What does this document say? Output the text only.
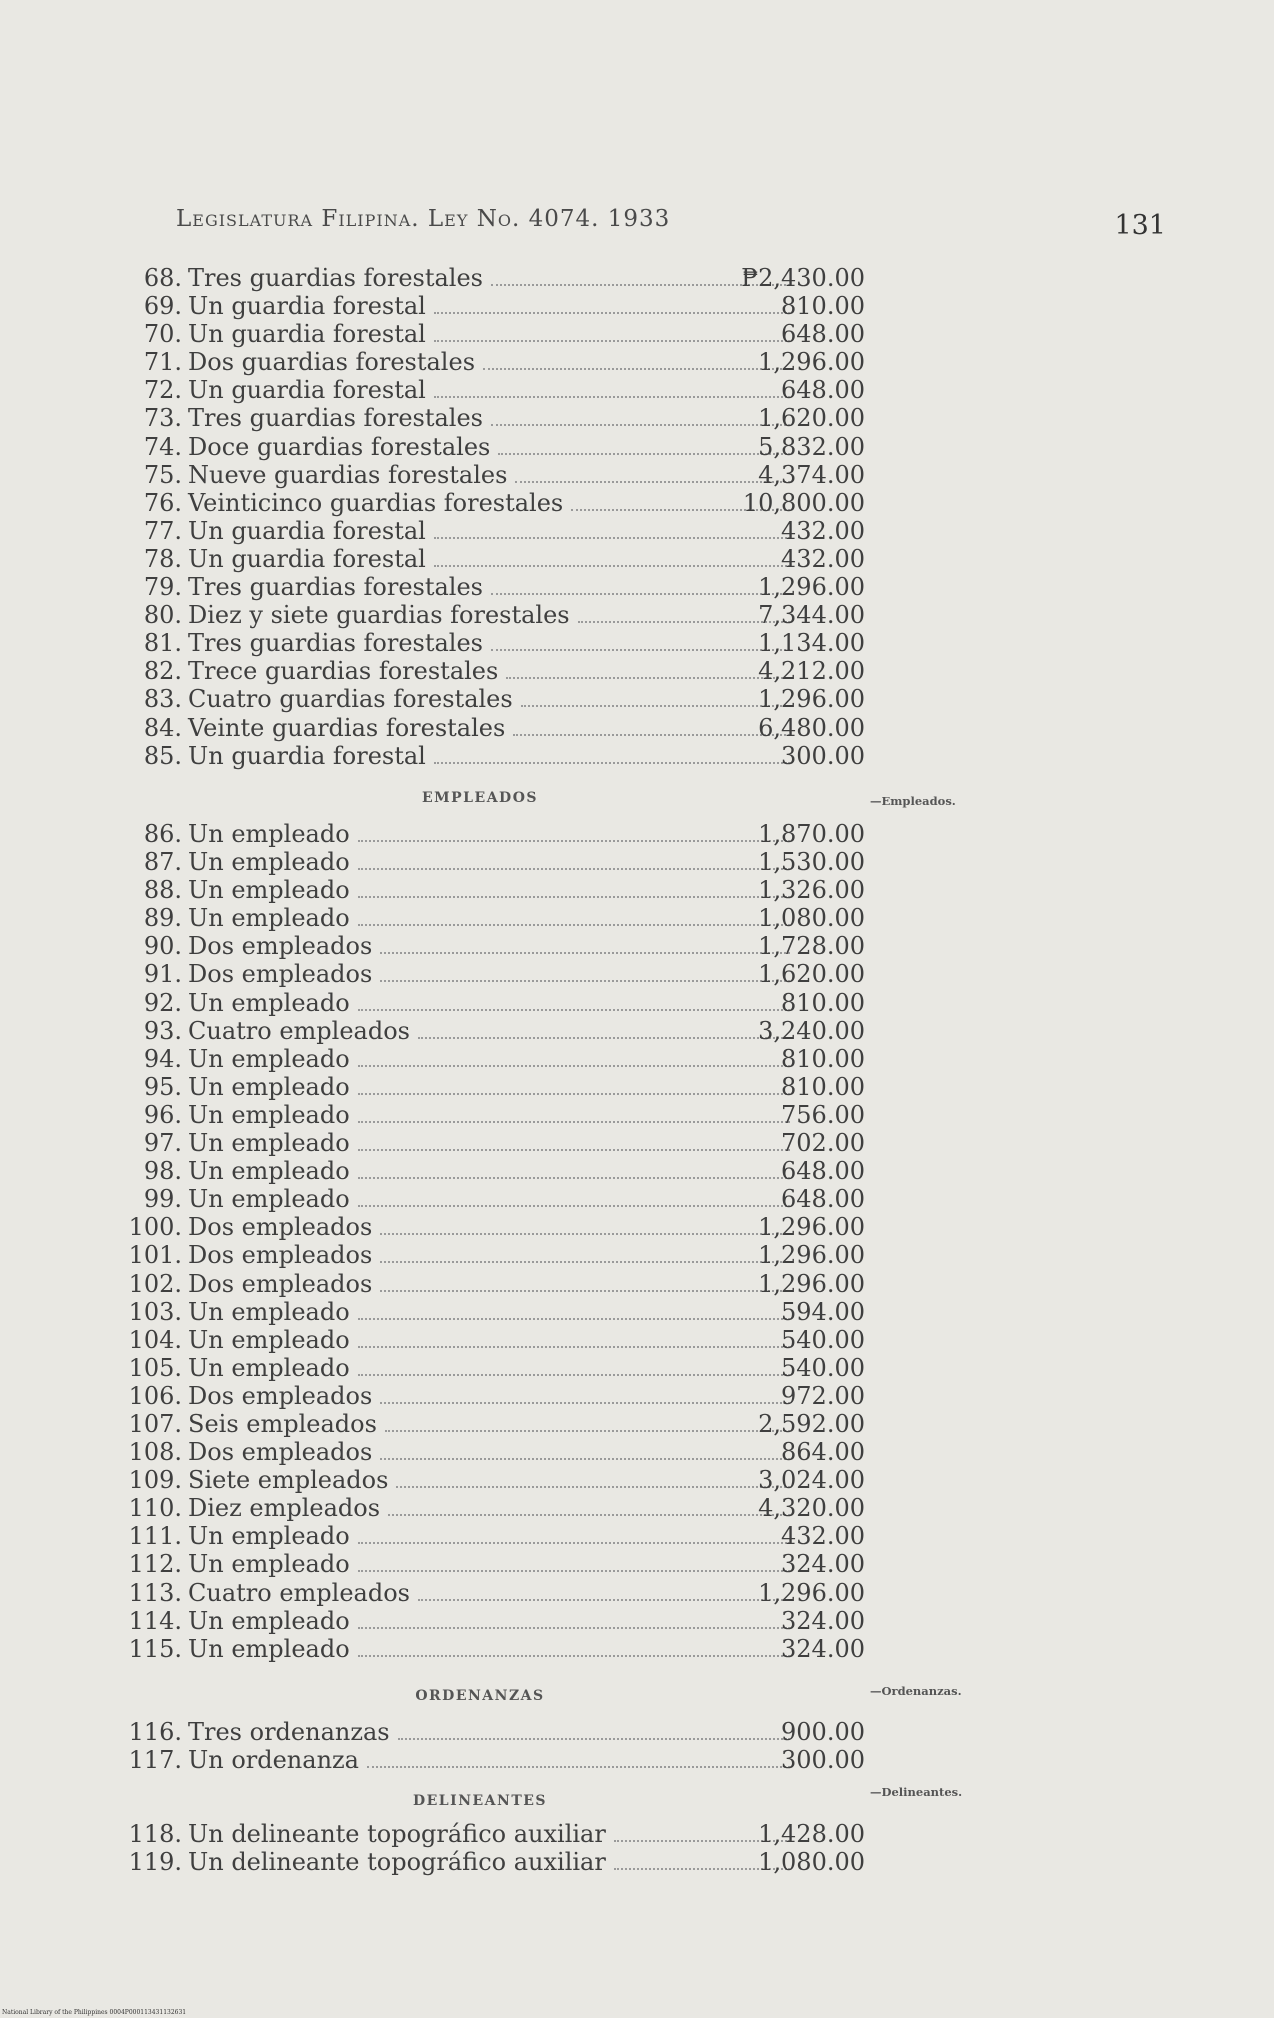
Legislatura Filipina. Ley No. 4074. 1933	131
68. Tres guardias forestales	₱2,430.00
69. Un guardia forestal	810.00
70. Un guardia forestal	648.00
71. Dos guardias forestales	1,296.00
72. Un guardia forestal	648.00
73. Tres guardias forestales	1,620.00
74. Doce guardias forestales	5,832.00
75. Nueve guardias forestales	4,374.00
76. Veinticinco guardias forestales	10,800.00
77. Un guardia forestal	432.00
78. Un guardia forestal	432.00
79. Tres guardias forestales	1,296.00
80. Diez y siete guardias forestales	7,344.00
81. Tres guardias forestales	1,134.00
82. Trece guardias forestales	4,212.00
83. Cuatro guardias forestales	1,296.00
84. Veinte guardias forestales	6,480.00
85. Un guardia forestal	300.00
EMPLEADOS	—Empleados.
86. Un empleado	1,870.00
87. Un empleado	1,530.00
88. Un empleado	1,326.00
89. Un empleado	1,080.00
90. Dos empleados	1,728.00
91. Dos empleados	1,620.00
92. Un empleado	810.00
93. Cuatro empleados	3,240.00
94. Un empleado	810.00
95. Un empleado	810.00
96. Un empleado	756.00
97. Un empleado	702.00
98. Un empleado	648.00
99. Un empleado	648.00
100. Dos empleados	1,296.00
101. Dos empleados	1,296.00
102. Dos empleados	1,296.00
103. Un empleado	594.00
104. Un empleado	540.00
105. Un empleado	540.00
106. Dos empleados	972.00
107. Seis empleados	2,592.00
108. Dos empleados	864.00
109. Siete empleados	3,024.00
110. Diez empleados	4,320.00
111. Un empleado	432.00
112. Un empleado	324.00
113. Cuatro empleados	1,296.00
114. Un empleado	324.00
115. Un empleado	324.00
ORDENANZAS	—Ordenanzas.
116. Tres ordenanzas	900.00
117. Un ordenanza	300.00
DELINEANTES
—Delineantes.
118. Un delineante topográfico auxiliar	1,428.00
119. Un delineante topográfico auxiliar	1,080.00
National Library of the Philippines 0004P000113431132631
